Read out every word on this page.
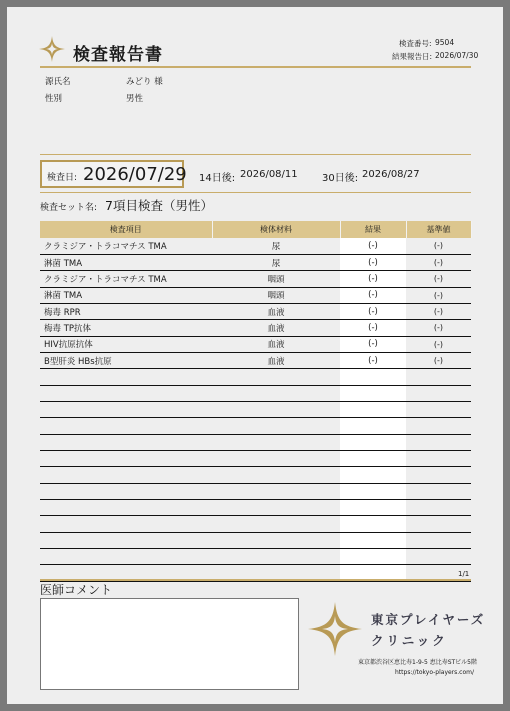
検査報告書
検査番号: 9504
結果報告日: 2026/07/30
源氏名	みどり 様
性別	男性
検査日: 2026/07/29 14日後: 2026/08/11 30日後: 2026/08/27
検査セット名: 7項目検査（男性）
検査項目	検体材料	結果	基準値
クラミジア・トラコマチス TMA	尿	(-)	(-)
淋菌 TMA	尿	(-)	(-)
クラミジア・トラコマチス TMA	咽頭	(-)	(-)
淋菌 TMA	咽頭	(-)	(-)
梅毒 RPR	血液	(-)	(-)
梅毒 TP抗体	血液	(-)	(-)
HIV抗原抗体	血液	(-)	(-)
B型肝炎 HBs抗原	血液	(-)	(-)

1/1
医師コメント
東京プレイヤーズ
クリニック
東京都渋谷区恵比寿1-9-5 恵比寿STビル5階
https://tokyo-players.com/
